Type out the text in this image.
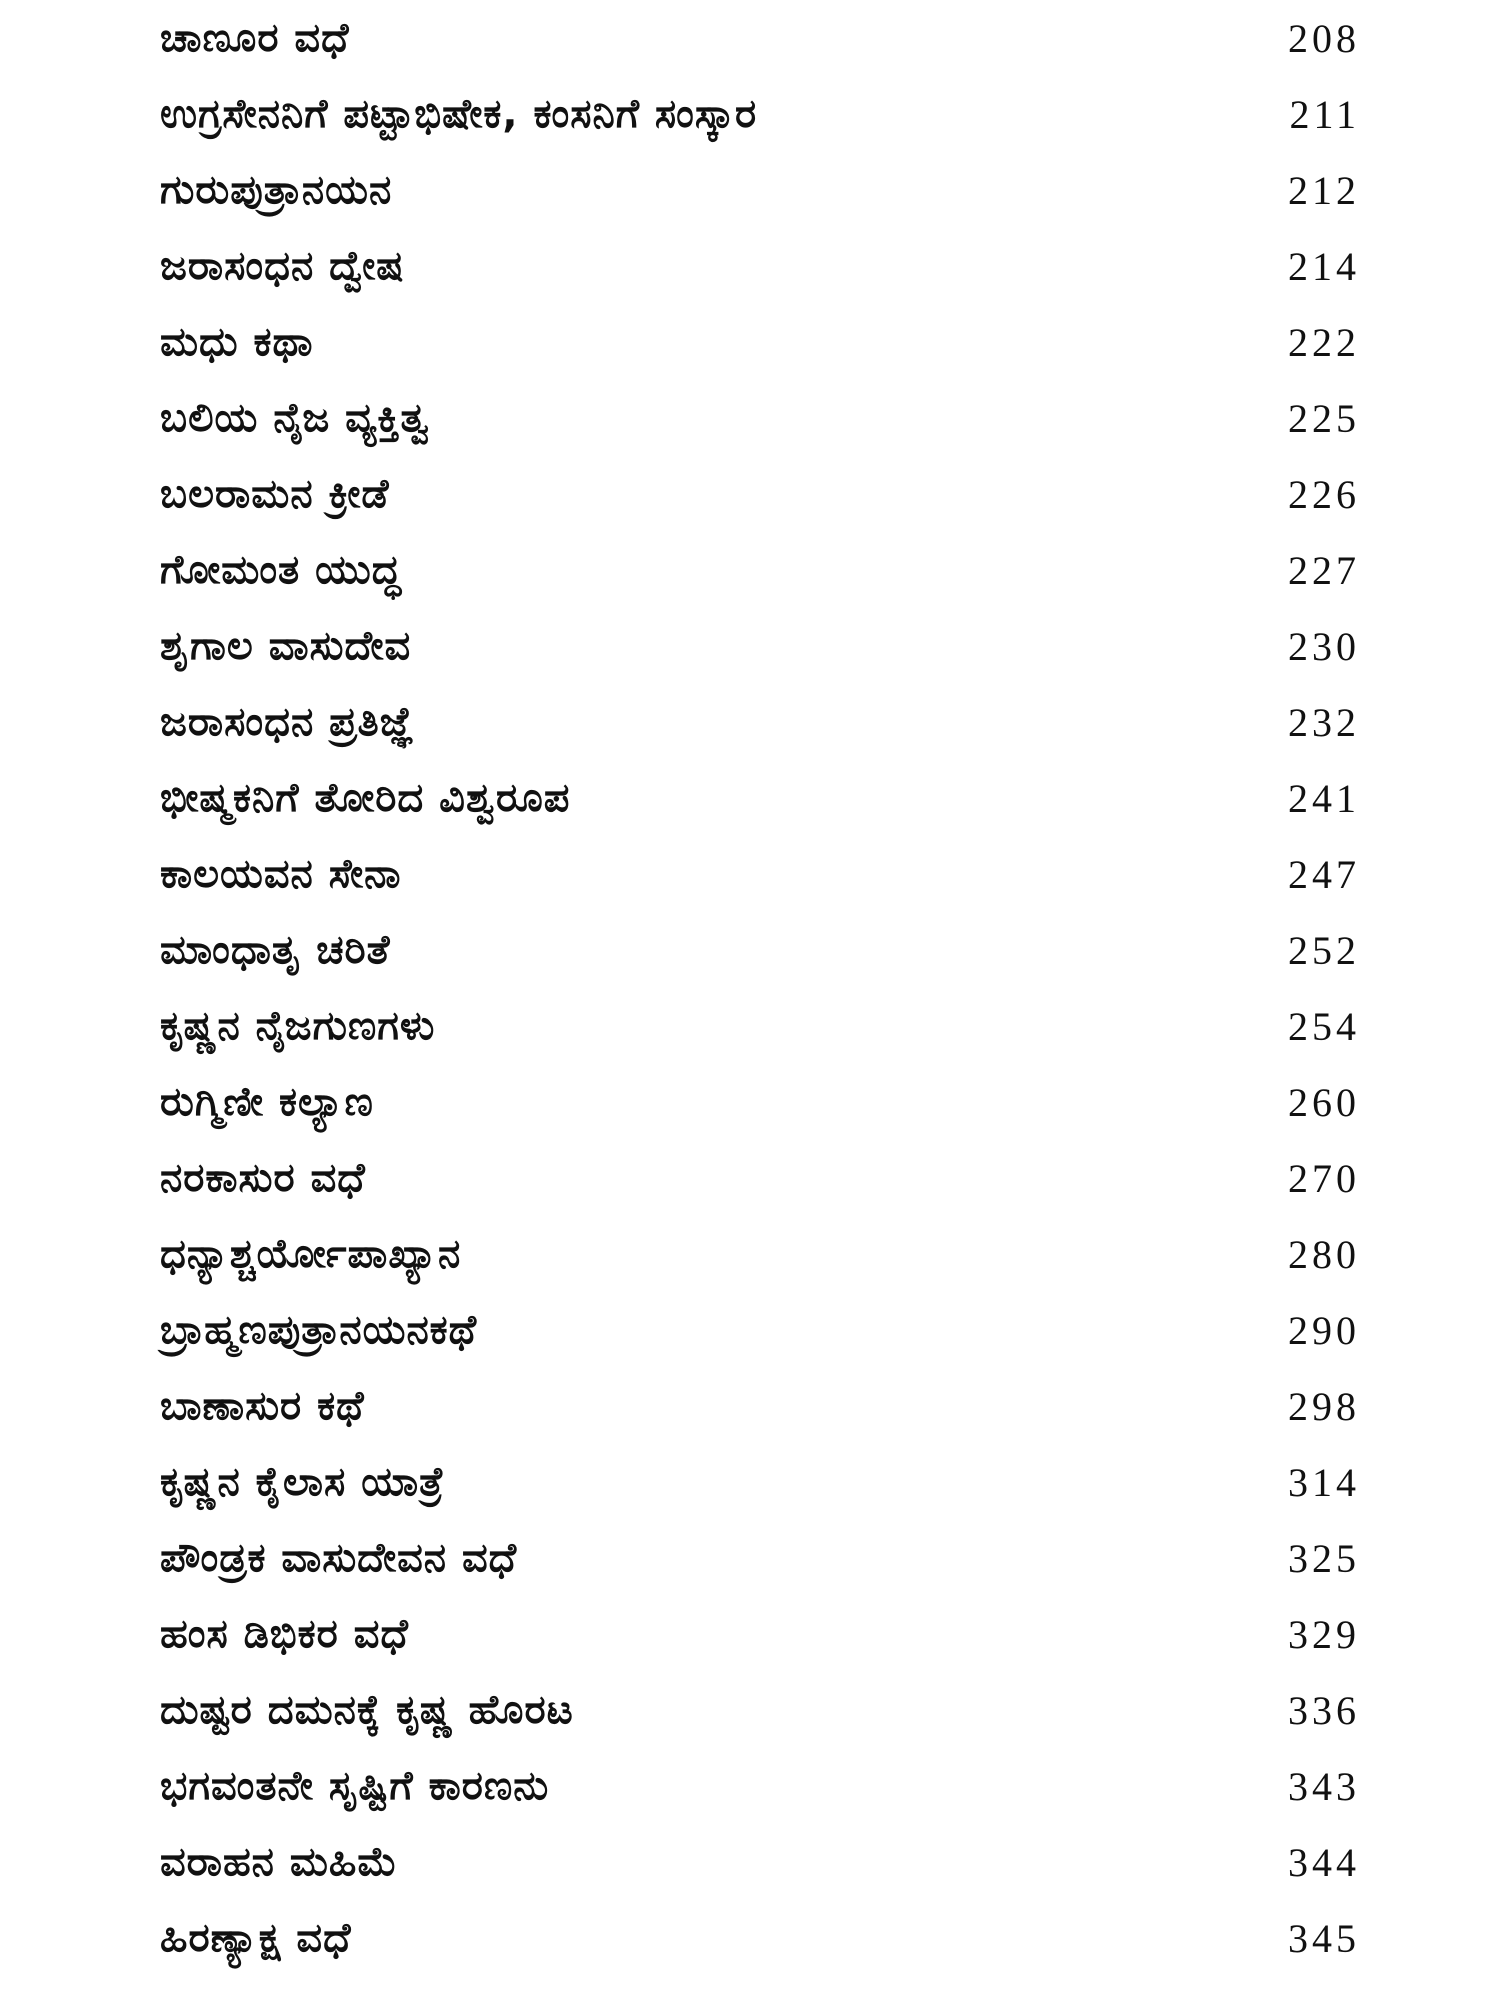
ಚಾಣೂರ ವಧೆ	208
ಉಗ್ರಸೇನನಿಗೆ ಪಟ್ಟಾಭಿಷೇಕ, ಕಂಸನಿಗೆ ಸಂಸ್ಕಾರ	211
ಗುರುಪುತ್ರಾನಯನ	212
ಜರಾಸಂಧನ ದ್ವೇಷ	214
ಮಧು ಕಥಾ	222
ಬಲಿಯ ನೈಜ ವ್ಯಕ್ತಿತ್ವ	225
ಬಲರಾಮನ ಕ್ರೀಡೆ	226
ಗೋಮಂತ ಯುದ್ಧ	227
ಶೃಗಾಲ ವಾಸುದೇವ	230
ಜರಾಸಂಧನ ಪ್ರತಿಜ್ಞೆ	232
ಭೀಷ್ಮಕನಿಗೆ ತೋರಿದ ವಿಶ್ವರೂಪ	241
ಕಾಲಯವನ ಸೇನಾ	247
ಮಾಂಧಾತೃ ಚರಿತೆ	252
ಕೃಷ್ಣನ ನೈಜಗುಣಗಳು	254
ರುಗ್ಮಿಣೀ ಕಲ್ಯಾಣ	260
ನರಕಾಸುರ ವಧೆ	270
ಧನ್ಯಾಶ್ಚರ್ಯೋಪಾಖ್ಯಾನ	280
ಬ್ರಾಹ್ಮಣಪುತ್ರಾನಯನಕಥೆ	290
ಬಾಣಾಸುರ ಕಥೆ	298
ಕೃಷ್ಣನ ಕೈಲಾಸ ಯಾತ್ರೆ	314
ಪೌಂಡ್ರಕ ವಾಸುದೇವನ ವಧೆ	325
ಹಂಸ ಡಿಭಿಕರ ವಧೆ	329
ದುಷ್ಟರ ದಮನಕ್ಕೆ ಕೃಷ್ಣ ಹೊರಟ	336
ಭಗವಂತನೇ ಸೃಷ್ಟಿಗೆ ಕಾರಣನು	343
ವರಾಹನ ಮಹಿಮೆ	344
ಹಿರಣ್ಯಾಕ್ಷ ವಧೆ	345
